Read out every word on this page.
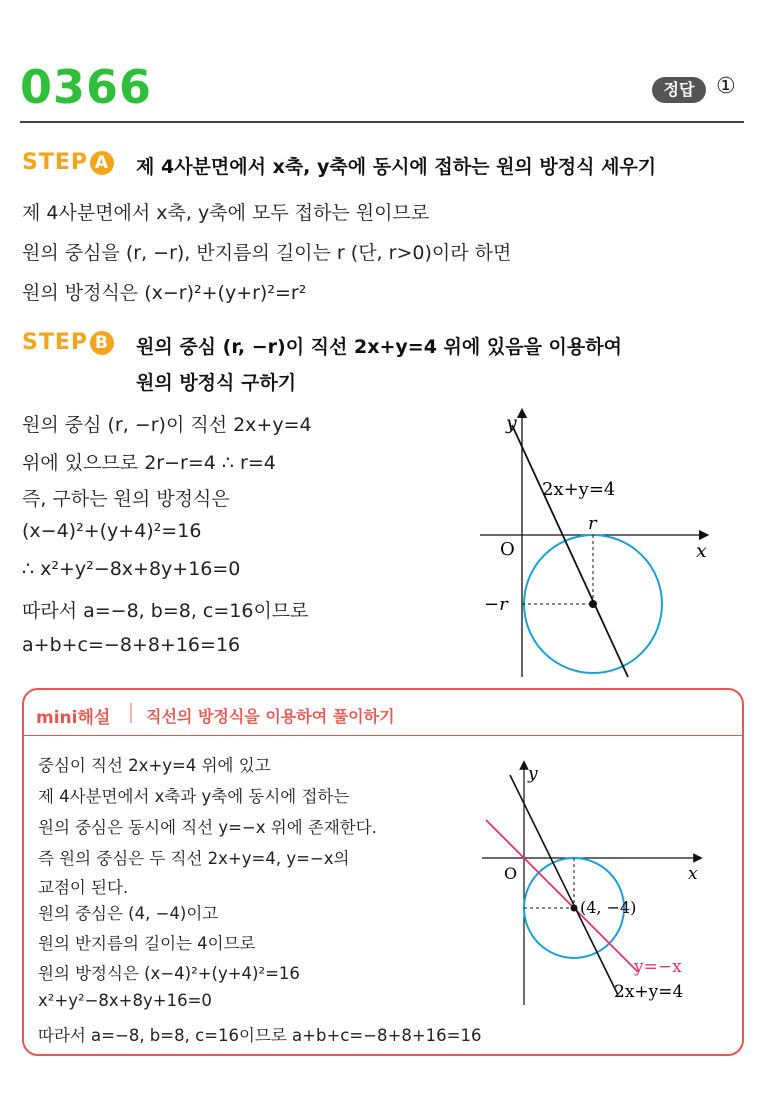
0366	정답 ①
STEP A 제 4사분면에서 x축, y축에 동시에 접하는 원의 방정식 세우기
제 4사분면에서 x축, y축에 모두 접하는 원이므로
원의 중심을 (r, −r), 반지름의 길이는 r (단, r>0)이라 하면
원의 방정식은 (x−r)²+(y+r)²=r²
STEP B 원의 중심 (r, −r)이 직선 2x+y=4 위에 있음을 이용하여
원의 방정식 구하기
원의 중심 (r, −r)이 직선 2x+y=4
위에 있으므로 2r−r=4 ∴ r=4
즉, 구하는 원의 방정식은
(x−4)²+(y+4)²=16
∴ x²+y²−8x+8y+16=0
따라서 a=−8, b=8, c=16이므로
a+b+c=−8+8+16=16
y
x
O
2x+y=4
r
−r
mini해설 직선의 방정식을 이용하여 풀이하기
중심이 직선 2x+y=4 위에 있고
제 4사분면에서 x축과 y축에 동시에 접하는
원의 중심은 동시에 직선 y=−x 위에 존재한다.
즉 원의 중심은 두 직선 2x+y=4, y=−x의
교점이 된다.
원의 중심은 (4, −4)이고
원의 반지름의 길이는 4이므로
원의 방정식은 (x−4)²+(y+4)²=16
x²+y²−8x+8y+16=0
따라서 a=−8, b=8, c=16이므로 a+b+c=−8+8+16=16
y
x
O
(4, −4)
y=−x
2x+y=4
